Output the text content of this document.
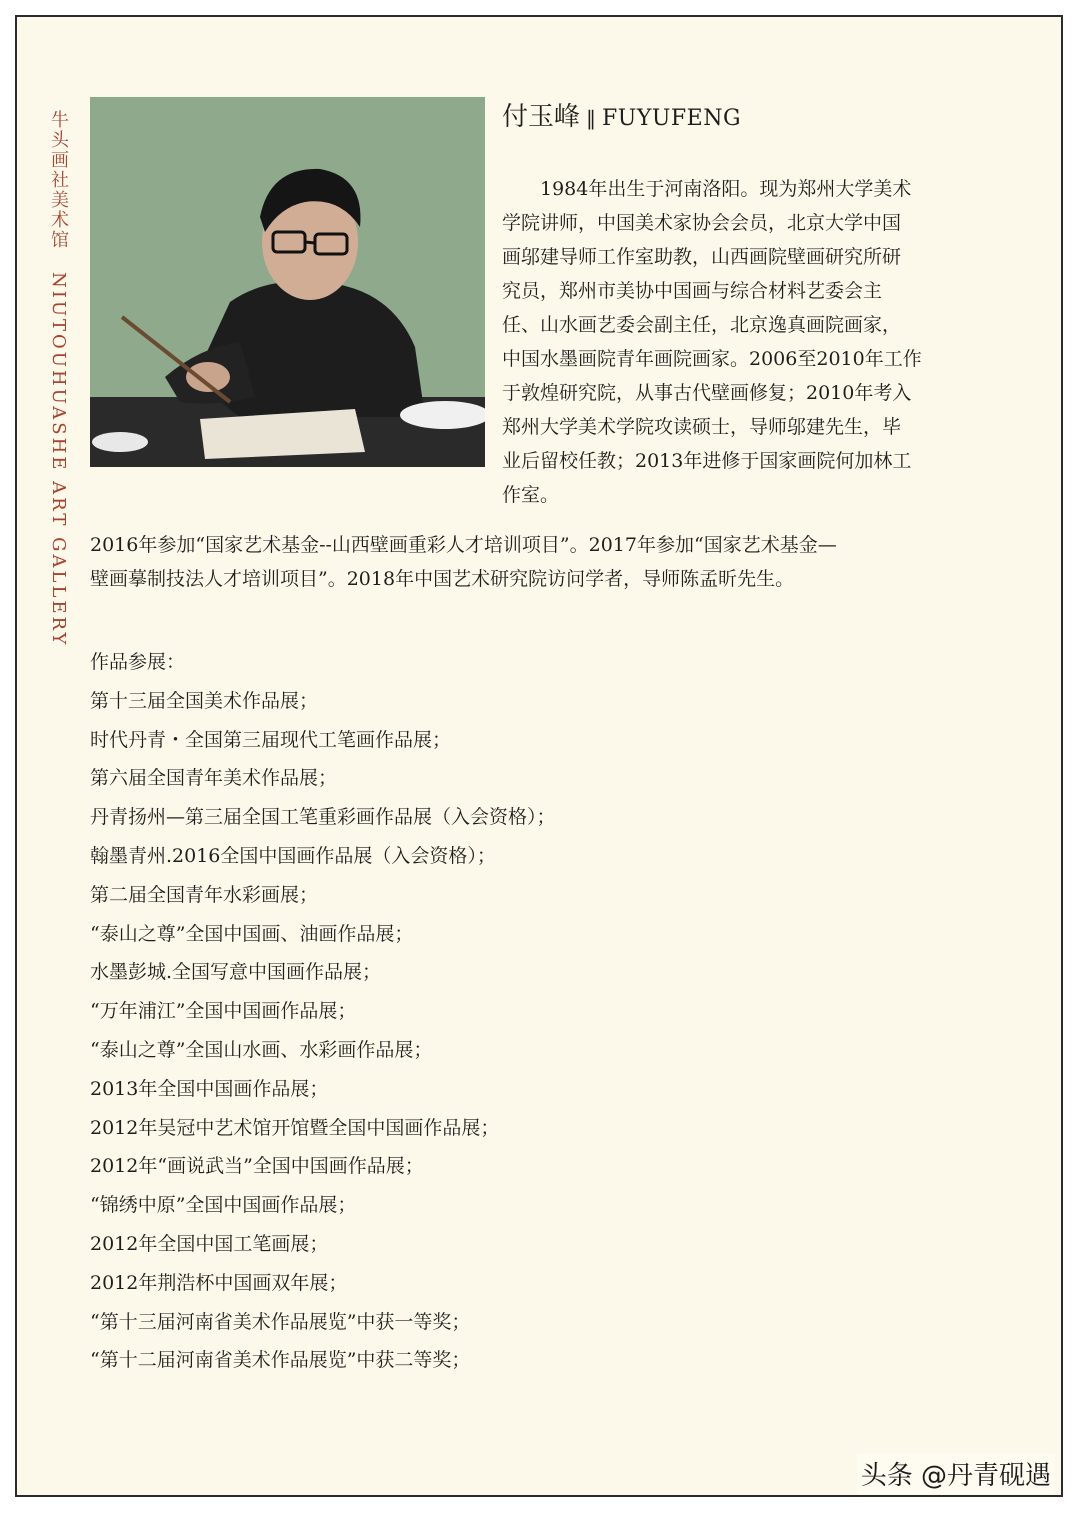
牛头画社美术馆 NIUTOUHUASHE ART GALLERY
付玉峰 ‖ FUYUFENG

　　1984年出生于河南洛阳。现为郑州大学美术

学院讲师，中国美术家协会会员，北京大学中国

画邬建导师工作室助教，山西画院壁画研究所研

究员，郑州市美协中国画与综合材料艺委会主

任、山水画艺委会副主任，北京逸真画院画家，

中国水墨画院青年画院画家。2006至2010年工作

于敦煌研究院，从事古代壁画修复；2010年考入

郑州大学美术学院攻读硕士，导师邬建先生，毕

业后留校任教；2013年进修于国家画院何加林工

作室。

2016年参加“国家艺术基金--山西壁画重彩人才培训项目”。2017年参加“国家艺术基金—

壁画摹制技法人才培训项目”。2018年中国艺术研究院访问学者，导师陈孟昕先生。

作品参展：
第十三届全国美术作品展；
时代丹青・全国第三届现代工笔画作品展；
第六届全国青年美术作品展；
丹青扬州—第三届全国工笔重彩画作品展（入会资格）；
翰墨青州.2016全国中国画作品展（入会资格）；
第二届全国青年水彩画展；
“泰山之尊”全国中国画、油画作品展；
水墨彭城.全国写意中国画作品展；
“万年浦江”全国中国画作品展；
“泰山之尊”全国山水画、水彩画作品展；
2013年全国中国画作品展；
2012年吴冠中艺术馆开馆暨全国中国画作品展；
2012年“画说武当”全国中国画作品展；
“锦绣中原”全国中国画作品展；
2012年全国中国工笔画展；
2012年荆浩杯中国画双年展；
“第十三届河南省美术作品展览”中获一等奖；
“第十二届河南省美术作品展览”中获二等奖；
头条 @丹青砚遇
